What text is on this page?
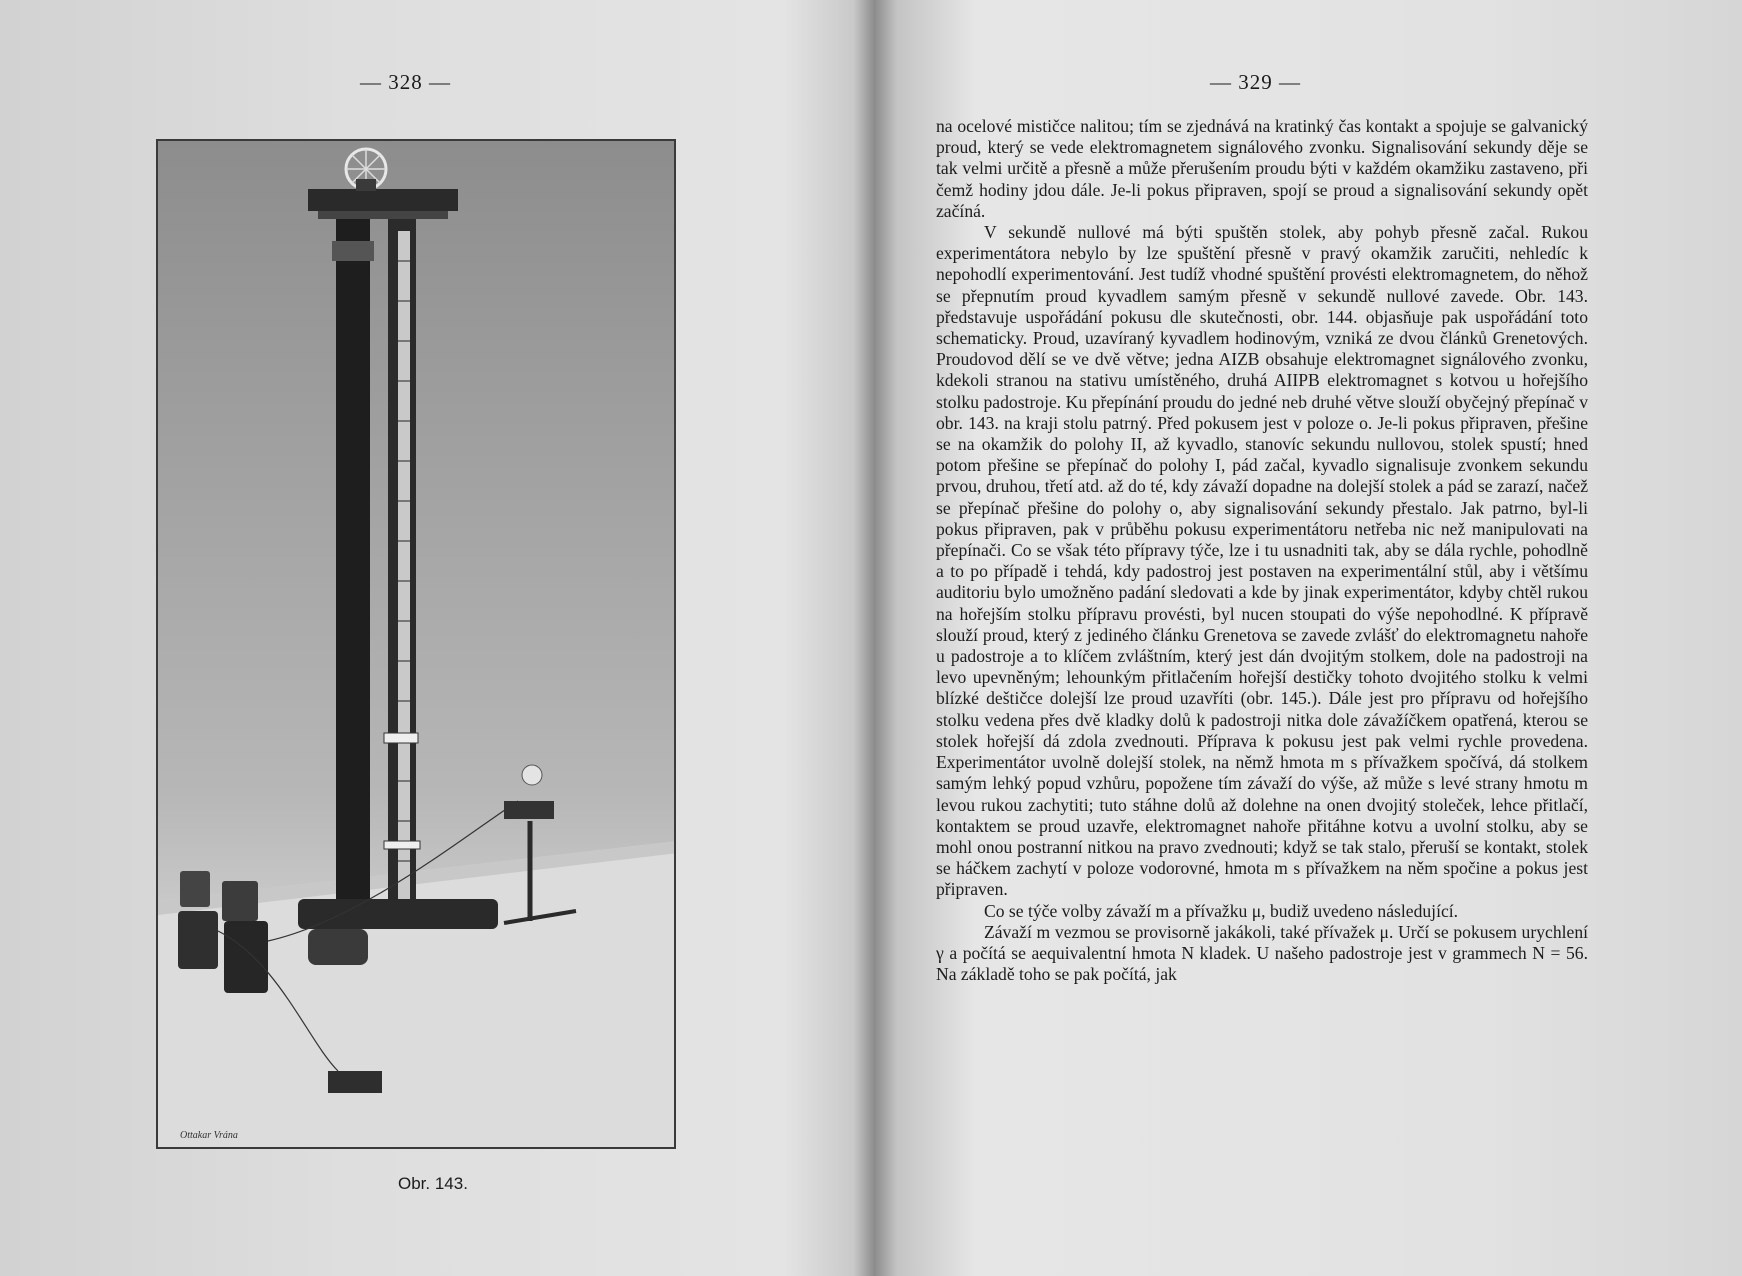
— 328 —
Ottakar Vrána
Obr. 143.
— 329 —

na ocelové mističce nalitou; tím se zjednává na kratinký čas kontakt a spojuje se galvanický proud, který se vede elektromagnetem signálového zvonku. Signalisování sekundy děje se tak velmi určitě a přesně a může přerušením proudu býti v každém okamžiku zastaveno, při čemž hodiny jdou dále. Je-li pokus připraven, spojí se proud a signalisování sekundy opět začíná.

V sekundě nullové má býti spuštěn stolek, aby pohyb přesně začal. Rukou experimentátora nebylo by lze spuštění přesně v pravý okamžik zaručiti, nehledíc k nepohodlí experimentování. Jest tudíž vhodné spuštění provésti elektromagnetem, do něhož se přepnutím proud kyvadlem samým přesně v sekundě nullové zavede. Obr. 143. představuje uspořádání pokusu dle skutečnosti, obr. 144. objasňuje pak uspořádání toto schematicky. Proud, uzavíraný kyvadlem hodinovým, vzniká ze dvou článků Grenetových. Proudovod dělí se ve dvě větve; jedna AIZB obsahuje elektromagnet signálového zvonku, kdekoli stranou na stativu umístěného, druhá AIIPB elektromagnet s kotvou u hořejšího stolku padostroje. Ku přepínání proudu do jedné neb druhé větve slouží obyčejný přepínač v obr. 143. na kraji stolu patrný. Před pokusem jest v poloze o. Je-li pokus připraven, přešine se na okamžik do polohy II, až kyvadlo, stanovíc sekundu nullovou, stolek spustí; hned potom přešine se přepínač do polohy I, pád začal, kyvadlo signalisuje zvonkem sekundu prvou, druhou, třetí atd. až do té, kdy závaží dopadne na dolejší stolek a pád se zarazí, načež se přepínač přešine do polohy o, aby signalisování sekundy přestalo. Jak patrno, byl-li pokus připraven, pak v průběhu pokusu experimentátoru netřeba nic než manipulovati na přepínači. Co se však této přípravy týče, lze i tu usnadniti tak, aby se dála rychle, pohodlně a to po případě i tehdá, kdy padostroj jest postaven na experimentální stůl, aby i většímu auditoriu bylo umožněno padání sledovati a kde by jinak experimentátor, kdyby chtěl rukou na hořejším stolku přípravu provésti, byl nucen stoupati do výše nepohodlné. K přípravě slouží proud, který z jediného článku Grenetova se zavede zvlášť do elektromagnetu nahoře u padostroje a to klíčem zvláštním, který jest dán dvojitým stolkem, dole na padostroji na levo upevněným; lehounkým přitlačením hořejší destičky tohoto dvojitého stolku k velmi blízké deštičce dolejší lze proud uzavříti (obr. 145.). Dále jest pro přípravu od hořejšího stolku vedena přes dvě kladky dolů k padostroji nitka dole závažíčkem opatřená, kterou se stolek hořejší dá zdola zvednouti. Příprava k pokusu jest pak velmi rychle provedena. Experimentátor uvolně dolejší stolek, na němž hmota m s přívažkem spočívá, dá stolkem samým lehký popud vzhůru, popožene tím závaží do výše, až může s levé strany hmotu m levou rukou zachytiti; tuto stáhne dolů až dolehne na onen dvojitý stoleček, lehce přitlačí, kontaktem se proud uzavře, elektromagnet nahoře přitáhne kotvu a uvolní stolku, aby se mohl onou postranní nitkou na pravo zvednouti; když se tak stalo, přeruší se kontakt, stolek se háčkem zachytí v poloze vodorovné, hmota m s přívažkem na něm spočine a pokus jest připraven.

Co se týče volby závaží m a přívažku μ, budiž uvedeno následující.

Závaží m vezmou se provisorně jakákoli, také přívažek μ. Určí se pokusem urychlení γ a počítá se aequivalentní hmota N kladek. U našeho padostroje jest v grammech N = 56. Na základě toho se pak počítá, jak
